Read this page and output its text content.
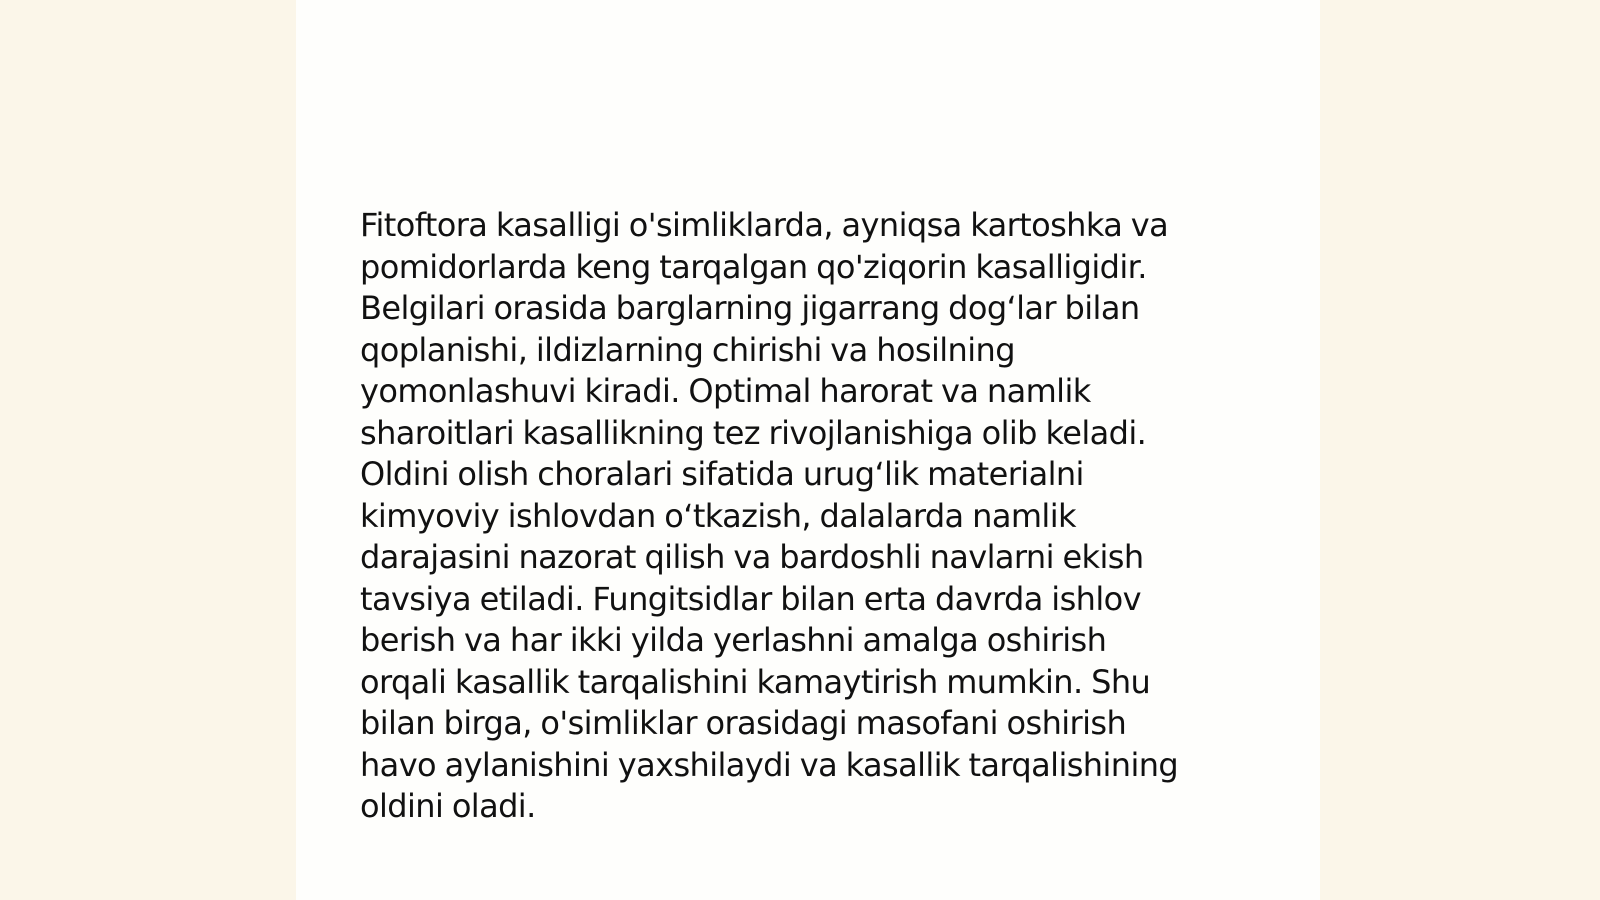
Fitoftora kasalligi o'simliklarda, ayniqsa kartoshka va
pomidorlarda keng tarqalgan qo'ziqorin kasalligidir.
Belgilari orasida barglarning jigarrang dog‘lar bilan
qoplanishi, ildizlarning chirishi va hosilning
yomonlashuvi kiradi. Optimal harorat va namlik
sharoitlari kasallikning tez rivojlanishiga olib keladi.
Oldini olish choralari sifatida urug‘lik materialni
kimyoviy ishlovdan o‘tkazish, dalalarda namlik
darajasini nazorat qilish va bardoshli navlarni ekish
tavsiya etiladi. Fungitsidlar bilan erta davrda ishlov
berish va har ikki yilda yerlashni amalga oshirish
orqali kasallik tarqalishini kamaytirish mumkin. Shu
bilan birga, o'simliklar orasidagi masofani oshirish
havo aylanishini yaxshilaydi va kasallik tarqalishining
oldini oladi.
